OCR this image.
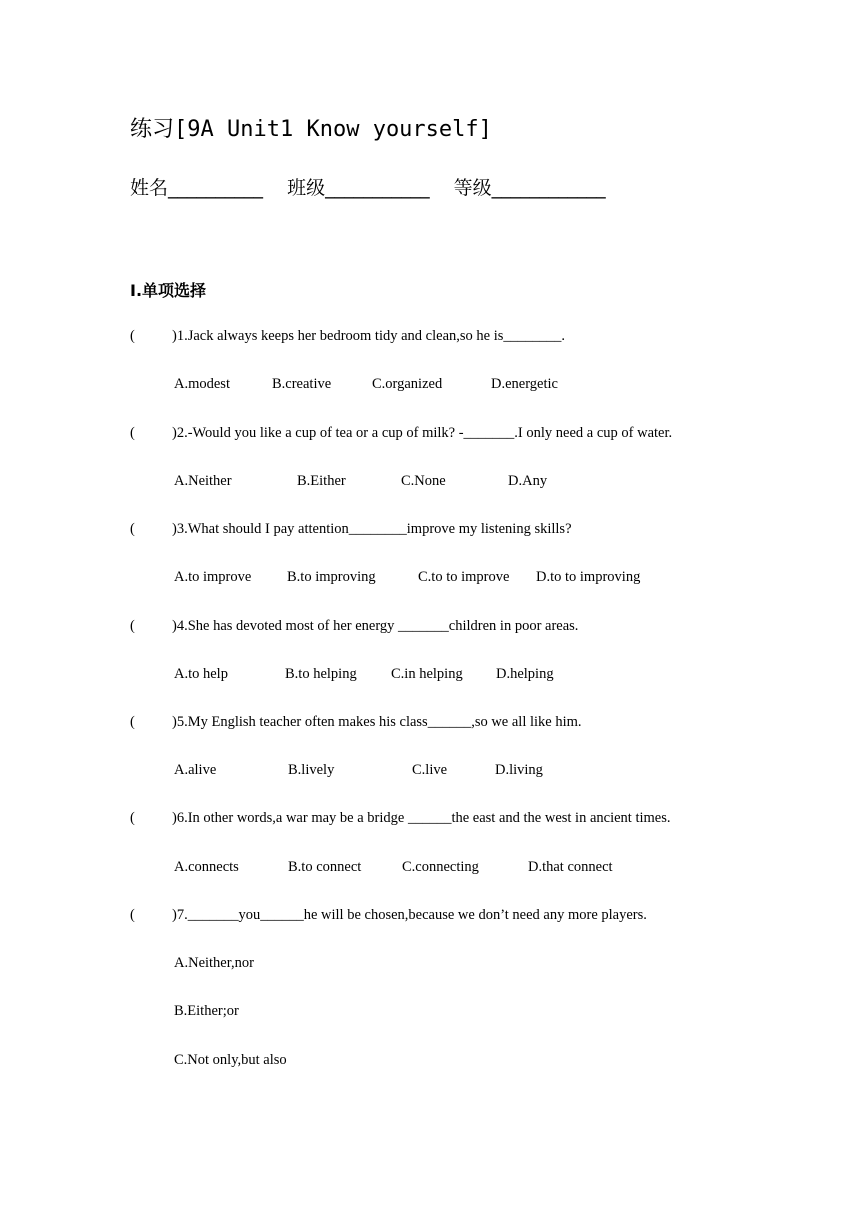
练习[9A Unit1 Know yourself]
姓名__________ 班级___________ 等级____________
I.单项选择
(	)1.Jack always keeps her bedroom tidy and clean,so he is________.
A.modest	B.creative	C.organized	D.energetic
(	)2.-Would you like a cup of tea or a cup of milk? -_______.I only need a cup of water.
A.Neither	B.Either	C.None	D.Any
(	)3.What should I pay attention________improve my listening skills?
A.to improve B.to improving	C.to to improve D.to to improving
(	)4.She has devoted most of her energy _______children in poor areas.
A.to help	B.to helping C.in helping D.helping
(	)5.My English teacher often makes his class______,so we all like him.
A.alive	B.lively	C.live	D.living
(	)6.In other words,a war may be a bridge ______the east and the west in ancient times.
A.connects	B.to connect	C.connecting	D.that connect
(	)7._______you______he will be chosen,because we don’t need any more players.
A.Neither,nor
B.Either;or
C.Not only,but also
